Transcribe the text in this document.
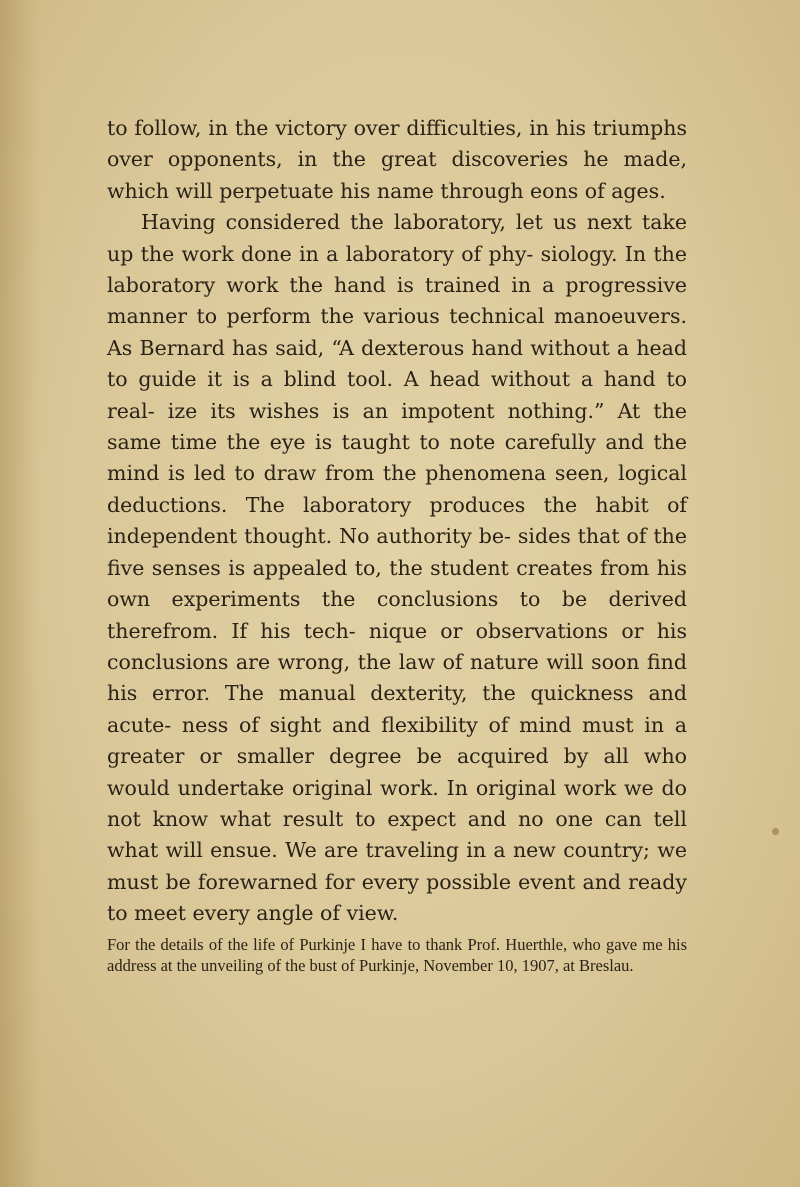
to follow, in the victory over difficulties, in his triumphs over opponents, in the great discoveries he made, which will perpetuate his name through eons of ages.

Having considered the laboratory, let us next take up the work done in a laboratory of phy- siology. In the laboratory work the hand is trained in a progressive manner to perform the various technical manoeuvers. As Bernard has said, “A dexterous hand without a head to guide it is a blind tool. A head without a hand to real- ize its wishes is an impotent nothing.” At the same time the eye is taught to note carefully and the mind is led to draw from the phenomena seen, logical deductions. The laboratory produces the habit of independent thought. No authority be- sides that of the five senses is appealed to, the student creates from his own experiments the conclusions to be derived therefrom. If his tech- nique or observations or his conclusions are wrong, the law of nature will soon find his error. The manual dexterity, the quickness and acute- ness of sight and flexibility of mind must in a greater or smaller degree be acquired by all who would undertake original work. In original work we do not know what result to expect and no one can tell what will ensue. We are traveling in a new country; we must be forewarned for every possible event and ready to meet every angle of view.

For the details of the life of Purkinje I have to thank Prof. Huerthle, who gave me his address at the unveiling of the bust of Purkinje, November 10, 1907, at Breslau.
